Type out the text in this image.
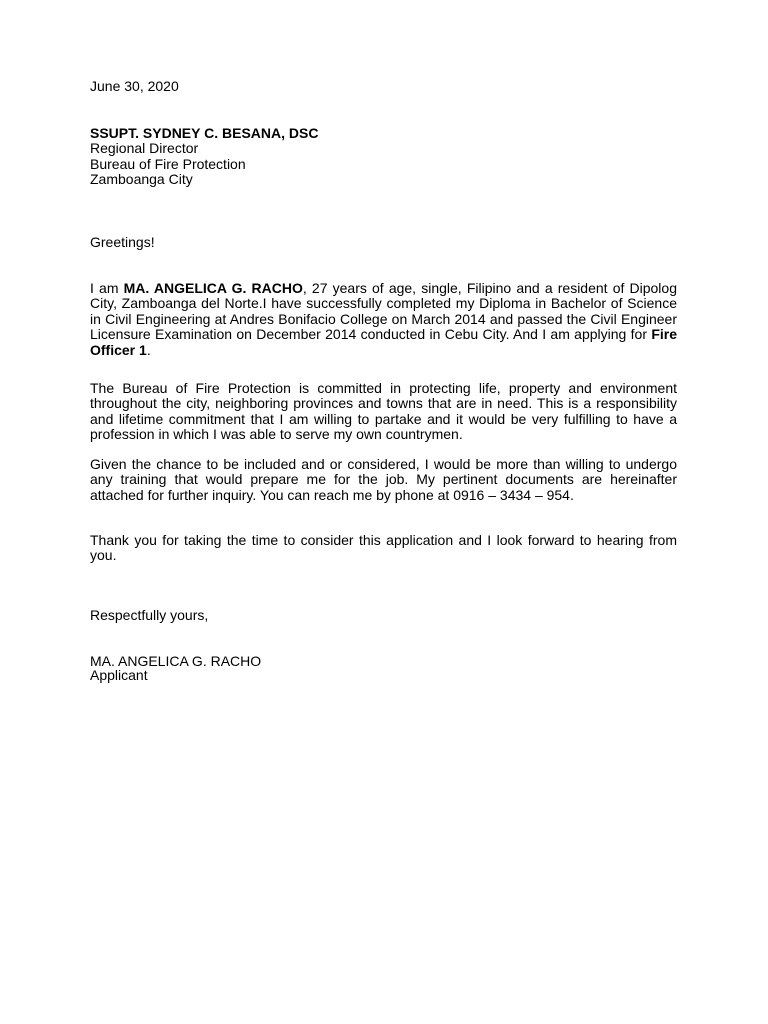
June 30, 2020

SSUPT. SYDNEY C. BESANA, DSC

Regional Director

Bureau of Fire Protection

Zamboanga City

Greetings!

I am MA. ANGELICA G. RACHO, 27 years of age, single, Filipino and a resident of Dipolog City, Zamboanga del Norte.I have successfully completed my Diploma in Bachelor of Science in Civil Engineering at Andres Bonifacio College on March 2014 and passed the Civil Engineer Licensure Examination on December 2014 conducted in Cebu City. And I am applying for Fire Officer 1.

The Bureau of Fire Protection is committed in protecting life, property and environment throughout the city, neighboring provinces and towns that are in need. This is a responsibility and lifetime commitment that I am willing to partake and it would be very fulfilling to have a profession in which I was able to serve my own countrymen.

Given the chance to be included and or considered, I would be more than willing to undergo any training that would prepare me for the job. My pertinent documents are hereinafter attached for further inquiry. You can reach me by phone at 0916 – 3434 – 954.

Thank you for taking the time to consider this application and I look forward to hearing from you.

Respectfully yours,

MA. ANGELICA G. RACHO

Applicant
